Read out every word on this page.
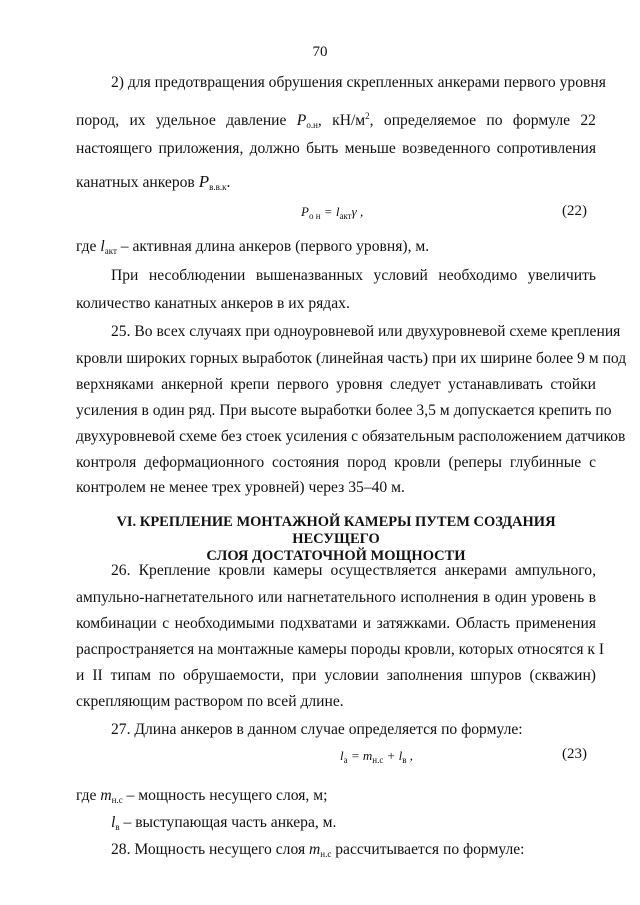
70
2) для предотвращения обрушения скрепленных анкерами первого уровня
пород, их удельное давление $P_{о.н}$, $кН/м^2$, определяемое по формуле 22
настоящего приложения, должно быть меньше возведенного сопротивления
канатных анкеров $P_{в.в.к}$.
$P_{о н} = l_{акт}\gamma$ ,	(22)
где $l_{акт}$ – активная длина анкеров (первого уровня), м.
При несоблюдении вышеназванных условий необходимо увеличить
количество канатных анкеров в их рядах.
25. Во всех случаях при одноуровневой или двухуровневой схеме крепления
кровли широких горных выработок (линейная часть) при их ширине более 9 м под
верхняками анкерной крепи первого уровня следует устанавливать стойки
усиления в один ряд. При высоте выработки более 3,5 м допускается крепить по
двухуровневой схеме без стоек усиления с обязательным расположением датчиков
контроля деформационного состояния пород кровли (реперы глубинные с
контролем не менее трех уровней) через 35–40 м.
VI. КРЕПЛЕНИЕ МОНТАЖНОЙ КАМЕРЫ ПУТЕМ СОЗДАНИЯ НЕСУЩЕГО
СЛОЯ ДОСТАТОЧНОЙ МОЩНОСТИ
26. Крепление кровли камеры осуществляется анкерами ампульного,
ампульно-нагнетательного или нагнетательного исполнения в один уровень в
комбинации с необходимыми подхватами и затяжками. Область применения
распространяется на монтажные камеры породы кровли, которых относятся к I
и II типам по обрушаемости, при условии заполнения шпуров (скважин)
скрепляющим раствором по всей длине.
27. Длина анкеров в данном случае определяется по формуле:
$l_а = m_{н.с} + l_в$ ,	(23)
где $m_{н.с}$ – мощность несущего слоя, м;
$l_в$ – выступающая часть анкера, м.
28. Мощность несущего слоя $m_{н.с}$ рассчитывается по формуле:
